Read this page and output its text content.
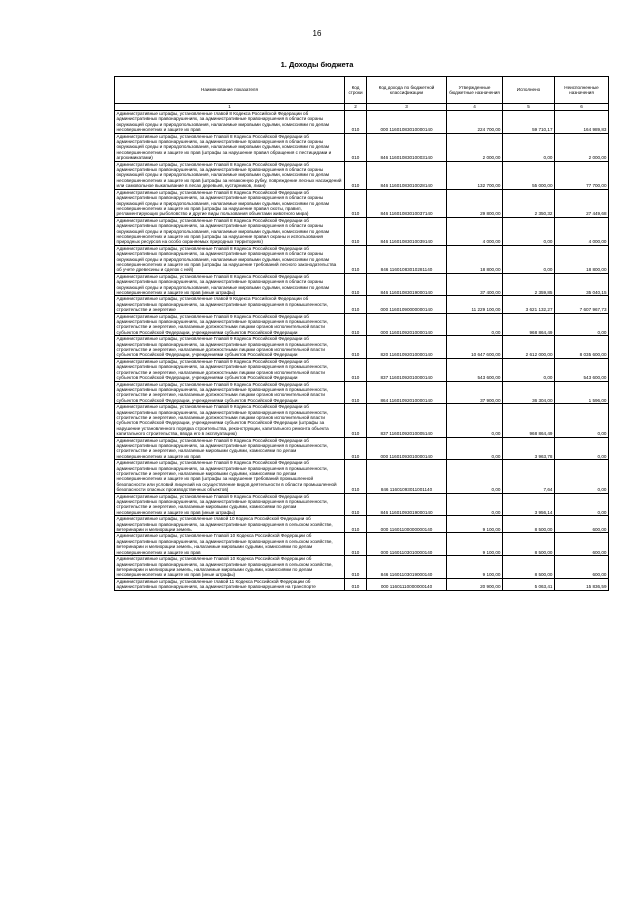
16
1. Доходы бюджета
Наименование показателя	Код строки	Код дохода по бюджетной классификации	Утвержденные бюджетные назначения	Исполнено	Неисполненные назначения
1	2	3	4	5	6
Административные штрафы, установленные главой 8 Кодекса Российской Федерации об административных правонарушениях, за административные правонарушения в области охраны окружающей среды и природопользования, налагаемые мировыми судьями, комиссиями по делам несовершеннолетних и защите их прав	010	000 11601083010000140	224 700,00	59 710,17	164 989,83
Административные штрафы, установленные Главой 8 Кодекса Российской Федерации об административных правонарушениях, за административные правонарушения в области охраны окружающей среды и природопользования, налагаемые мировыми судьями, комиссиями по делам несовершеннолетних и защите их прав (штрафы за нарушение правил обращения с пестицидами и агрохимикатами)	010	846 11601083010003140	2 000,00	0,00	2 000,00
Административные штрафы, установленные Главой 8 Кодекса Российской Федерации об административных правонарушениях, за административные правонарушения в области охраны окружающей среды и природопользования, налагаемые мировыми судьями, комиссиями по делам несовершеннолетних и защите их прав (штрафы за незаконную рубку, повреждение лесных насаждений или самовольное выкапывание в лесах деревьев, кустарников, лиан)	010	846 11601083010028140	132 700,00	55 000,00	77 700,00
Административные штрафы, установленные Главой 8 Кодекса Российской Федерации об административных правонарушениях, за административные правонарушения в области охраны окружающей среды и природопользования, налагаемые мировыми судьями, комиссиями по делам несовершеннолетних и защите их прав (штрафы за нарушение правил охоты, правил, регламентирующих рыболовство и другие виды пользования объектами животного мира)	010	846 11601083010037140	29 800,00	2 350,32	27 449,68
Административные штрафы, установленные Главой 8 Кодекса Российской Федерации об административных правонарушениях, за административные правонарушения в области охраны окружающей среды и природопользования, налагаемые мировыми судьями, комиссиями по делам несовершеннолетних и защите их прав (штрафы за нарушение правил охраны и использования природных ресурсов на особо охраняемых природных территориях)	010	846 11601083010039140	4 000,00	0,00	4 000,00
Административные штрафы, установленные Главой 8 Кодекса Российской Федерации об административных правонарушениях, за административные правонарушения в области охраны окружающей среды и природопользования, налагаемые мировыми судьями, комиссиями по делам несовершеннолетних и защите их прав (штрафы за нарушение требований лесного законодательства об учете древесины и сделок с ней)	010	846 11601083010281140	18 800,00	0,00	18 800,00
Административные штрафы, установленные Главой 8 Кодекса Российской Федерации об административных правонарушениях, за административные правонарушения в области охраны окружающей среды и природопользования, налагаемые мировыми судьями, комиссиями по делам несовершеннолетних и защите их прав (иные штрафы)	010	846 11601083019000140	37 400,00	2 359,85	35 040,15
Административные штрафы, установленные главой 9 Кодекса Российской Федерации об административных правонарушениях, за административные правонарушения в промышленности, строительстве и энергетике	010	000 11601090000000140	11 229 100,00	3 621 132,27	7 607 967,73
Административные штрафы, установленные Главой 9 Кодекса Российской Федерации об административных правонарушениях, за административные правонарушения в промышленности, строительстве и энергетике, налагаемые должностными лицами органов исполнительной власти субъектов Российской Федерации, учреждениями субъектов Российской Федерации	010	000 11601092010000140	0,00	968 864,49	0,00
Административные штрафы, установленные Главой 9 Кодекса Российской Федерации об административных правонарушениях, за административные правонарушения в промышленности, строительстве и энергетике, налагаемые должностными лицами органов исполнительной власти субъектов Российской Федерации, учреждениями субъектов Российской Федерации	010	820 11601092010000140	10 647 600,00	2 612 000,00	8 035 600,00
Административные штрафы, установленные Главой 9 Кодекса Российской Федерации об административных правонарушениях, за административные правонарушения в промышленности, строительстве и энергетике, налагаемые должностными лицами органов исполнительной власти субъектов Российской Федерации, учреждениями субъектов Российской Федерации	010	837 11601092010000140	543 600,00	0,00	543 600,00
Административные штрафы, установленные Главой 9 Кодекса Российской Федерации об административных правонарушениях, за административные правонарушения в промышленности, строительстве и энергетике, налагаемые должностными лицами органов исполнительной власти субъектов Российской Федерации, учреждениями субъектов Российской Федерации	010	864 11601092010000140	37 900,00	36 304,00	1 596,00
Административные штрафы, установленные Главой 9 Кодекса Российской Федерации об административных правонарушениях, за административные правонарушения в промышленности, строительстве и энергетике, налагаемые должностными лицами органов исполнительной власти субъектов Российской Федерации, учреждениями субъектов Российской Федерации (штрафы за нарушение установленного порядка строительства, реконструкции, капитального ремонта объекта капитального строительства, ввода его в эксплуатацию)	010	837 11601092010005140	0,00	968 864,49	0,00
Административные штрафы, установленные Главой 9 Кодекса Российской Федерации об административных правонарушениях, за административные правонарушения в промышленности, строительстве и энергетике, налагаемые мировыми судьями, комиссиями по делам несовершеннолетних и защите их прав	010	000 11601093010000140	0,00	3 963,78	0,00
Административные штрафы, установленные Главой 9 Кодекса Российской Федерации об административных правонарушениях, за административные правонарушения в промышленности, строительстве и энергетике, налагаемые мировыми судьями, комиссиями по делам несовершеннолетних и защите их прав (штрафы за нарушение требований промышленной безопасности или условий лицензий на осуществление видов деятельности в области промышленной безопасности опасных производственных объектов)	010	846 11601093011001140	0,00	7,64	0,00
Административные штрафы, установленные Главой 9 Кодекса Российской Федерации об административных правонарушениях, за административные правонарушения в промышленности, строительстве и энергетике, налагаемые мировыми судьями, комиссиями по делам несовершеннолетних и защите их прав (иные штрафы)	010	846 11601093019000140	0,00	3 956,14	0,00
Административные штрафы, установленные главой 10 Кодекса Российской Федерации об административных правонарушениях, за административные правонарушения в сельском хозяйстве, ветеринарии и мелиорации земель	010	000 11601100000000140	9 100,00	8 500,00	600,00
Административные штрафы, установленные Главой 10 Кодекса Российской Федерации об административных правонарушениях, за административные правонарушения в сельском хозяйстве, ветеринарии и мелиорации земель, налагаемые мировыми судьями, комиссиями по делам несовершеннолетних и защите их прав	010	000 11601103010000140	9 100,00	8 500,00	600,00
Административные штрафы, установленные Главой 10 Кодекса Российской Федерации об административных правонарушениях, за административные правонарушения в сельском хозяйстве, ветеринарии и мелиорации земель, налагаемые мировыми судьями, комиссиями по делам несовершеннолетних и защите их прав (иные штрафы)	010	846 11601103019000140	9 100,00	8 500,00	600,00
Административные штрафы, установленные главой 11 Кодекса Российской Федерации об административных правонарушениях, за административные правонарушения на транспорте	010	000 11601110000000140	20 900,00	5 063,41	15 836,59
